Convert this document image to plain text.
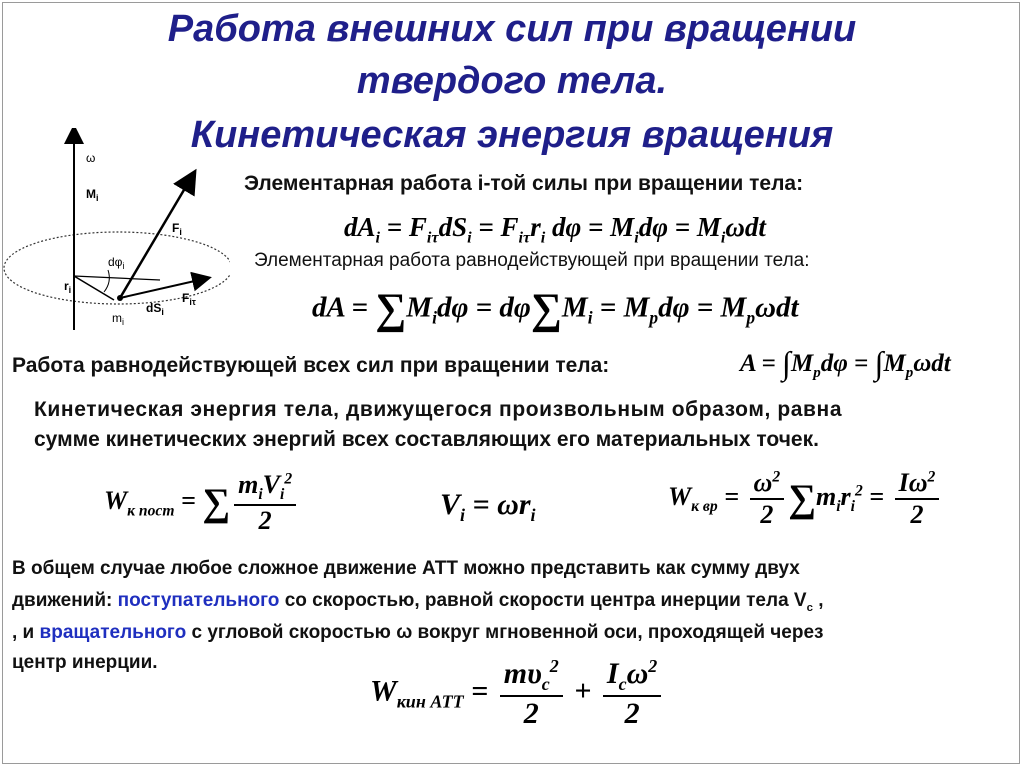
Работа внешних сил при вращении
твердого тела.
Кинетическая энергия вращения
ω
$M_i$
$F_i$
$d\varphi_i$
$r_i$
$dS_i$
$F_{i\tau}$
$m_i$
Элементарная работа i-той силы при вращении тела:
$dA_i = F_{i\tau}dS_i = F_{i\tau}r_i$ $d\varphi = M_id\varphi = M_i\omega dt$
Элементарная работа равнодействующей при вращении тела:
dA = $\sum M_id\varphi = d\varphi\sum M_i = M_pd\varphi = M_p\omega dt$
Работа равнодействующей всех сил при вращении тела:	$A = \int M_pd\varphi = \int M_p\omega dt$
Кинетическая энергия тела, движущегося произвольным образом, равна
сумме кинетических энергий всех составляющих его материальных точек.
$W_{к пост}$ = ∑ $\frac{m_iV_i^2}{2}$	$V_i = \omega r_i$
$W_{к вр} = \frac{\omega^2}{2} \sum m_ir_i^2 = \frac{I\omega^2}{2}$
В общем случае любое сложное движение АТТ можно представить как сумму двух
движений: поступательного со скоростью, равной скорости центра инерции тела $V_c$ ,
, и вращательного с угловой скоростью ω вокруг мгновенной оси, проходящей через
центр инерции.
$W_{кин АТТ} = \frac{m\upsilon_c^2}{2} + \frac{I_c\omega^2}{2}$
